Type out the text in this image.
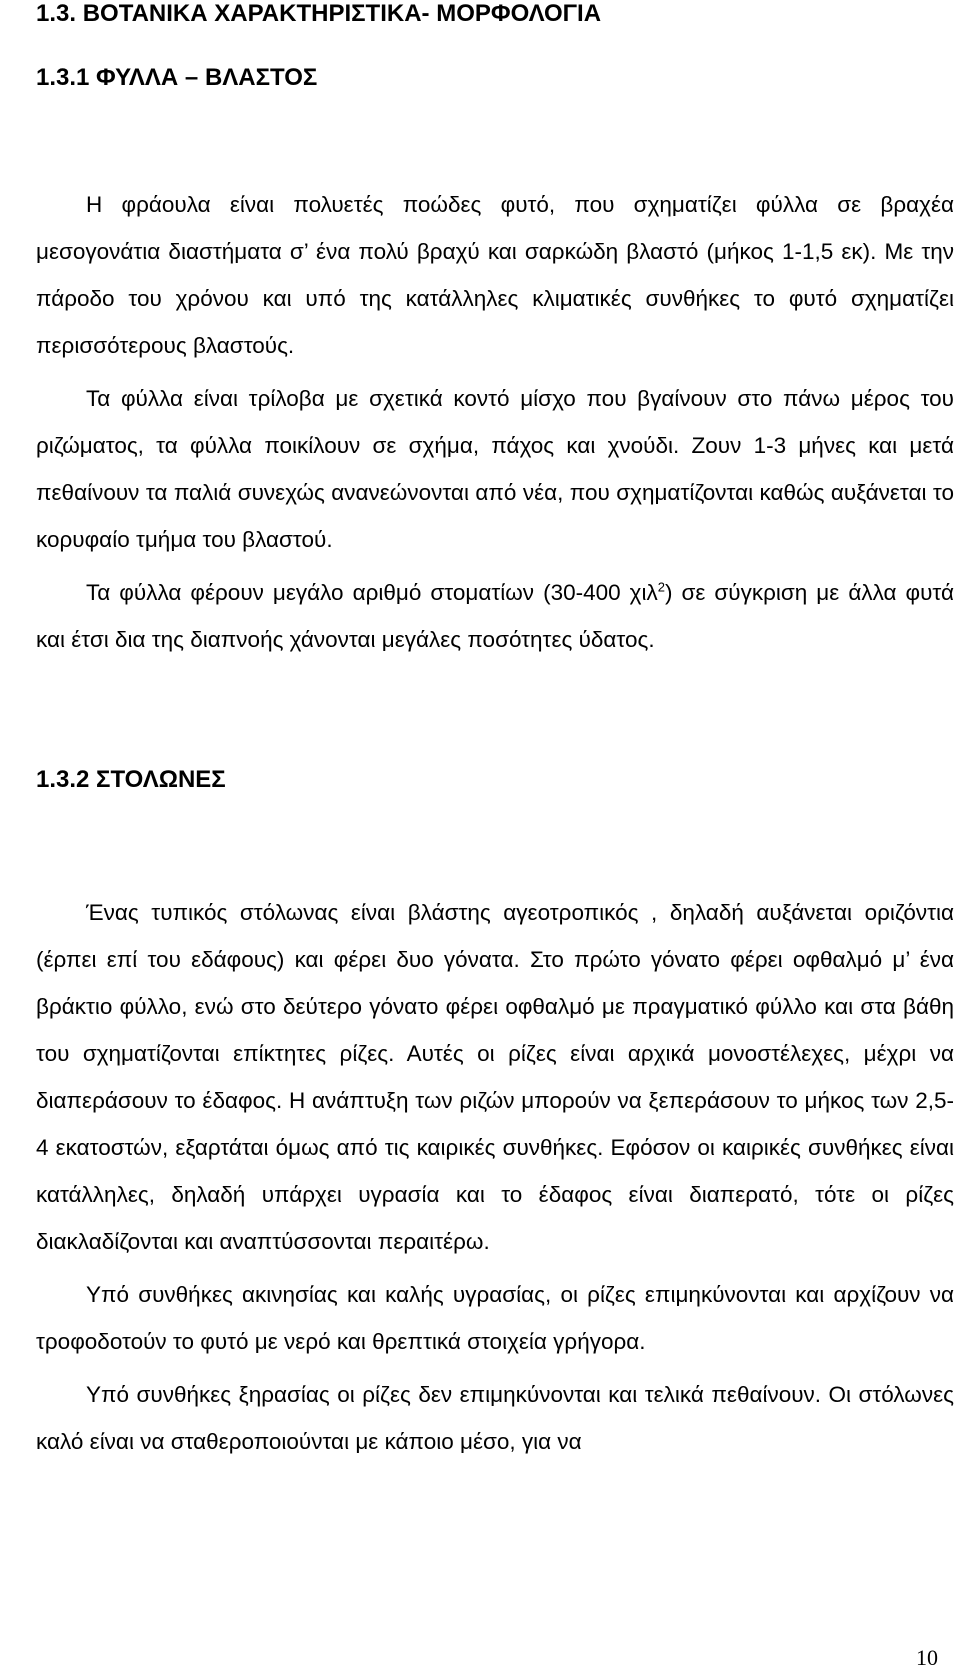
1.3. ΒΟΤΑΝΙΚΑ ΧΑΡΑΚΤΗΡΙΣΤΙΚΑ- ΜΟΡΦΟΛΟΓΙΑ
1.3.1 ΦΥΛΛΑ – ΒΛΑΣΤΟΣ

Η φράουλα είναι πολυετές ποώδες φυτό, που σχηματίζει φύλλα σε βραχέα μεσογονάτια διαστήματα σ’ ένα πολύ βραχύ και σαρκώδη βλαστό (μήκος 1-1,5 εκ). Με την πάροδο του χρόνου και υπό της κατάλληλες κλιματικές συνθήκες το φυτό σχηματίζει περισσότερους βλαστούς.

Τα φύλλα είναι τρίλοβα με σχετικά κοντό μίσχο που βγαίνουν στο πάνω μέρος του ριζώματος, τα φύλλα ποικίλουν σε σχήμα, πάχος και χνούδι. Ζουν 1-3 μήνες και μετά πεθαίνουν τα παλιά συνεχώς ανανεώνονται από νέα, που σχηματίζονται καθώς αυξάνεται το κορυφαίο τμήμα του βλαστού.

Τα φύλλα φέρουν μεγάλο αριθμό στοματίων (30-400 χιλ$^2$) σε σύγκριση με άλλα φυτά και έτσι δια της διαπνοής χάνονται μεγάλες ποσότητες ύδατος.

1.3.2 ΣΤΟΛΩΝΕΣ

Ένας τυπικός στόλωνας είναι βλάστης αγεοτροπικός , δηλαδή αυξάνεται οριζόντια (έρπει επί του εδάφους) και φέρει δυο γόνατα. Στο πρώτο γόνατο φέρει οφθαλμό μ’ ένα βράκτιο φύλλο, ενώ στο δεύτερο γόνατο φέρει οφθαλμό με πραγματικό φύλλο και στα βάθη του σχηματίζονται επίκτητες ρίζες. Αυτές οι ρίζες είναι αρχικά μονοστέλεχες, μέχρι να διαπεράσουν το έδαφος. Η ανάπτυξη των ριζών μπορούν να ξεπεράσουν το μήκος των 2,5- 4 εκατοστών, εξαρτάται όμως από τις καιρικές συνθήκες. Εφόσον οι καιρικές συνθήκες είναι κατάλληλες, δηλαδή υπάρχει υγρασία και το έδαφος είναι διαπερατό, τότε οι ρίζες διακλαδίζονται και αναπτύσσονται περαιτέρω.

Υπό συνθήκες ακινησίας και καλής υγρασίας, οι ρίζες επιμηκύνονται και αρχίζουν να τροφοδοτούν το φυτό με νερό και θρεπτικά στοιχεία γρήγορα.

Υπό συνθήκες ξηρασίας οι ρίζες δεν επιμηκύνονται και τελικά πεθαίνουν. Οι στόλωνες καλό είναι να σταθεροποιούνται με κάποιο μέσο, για να

10
